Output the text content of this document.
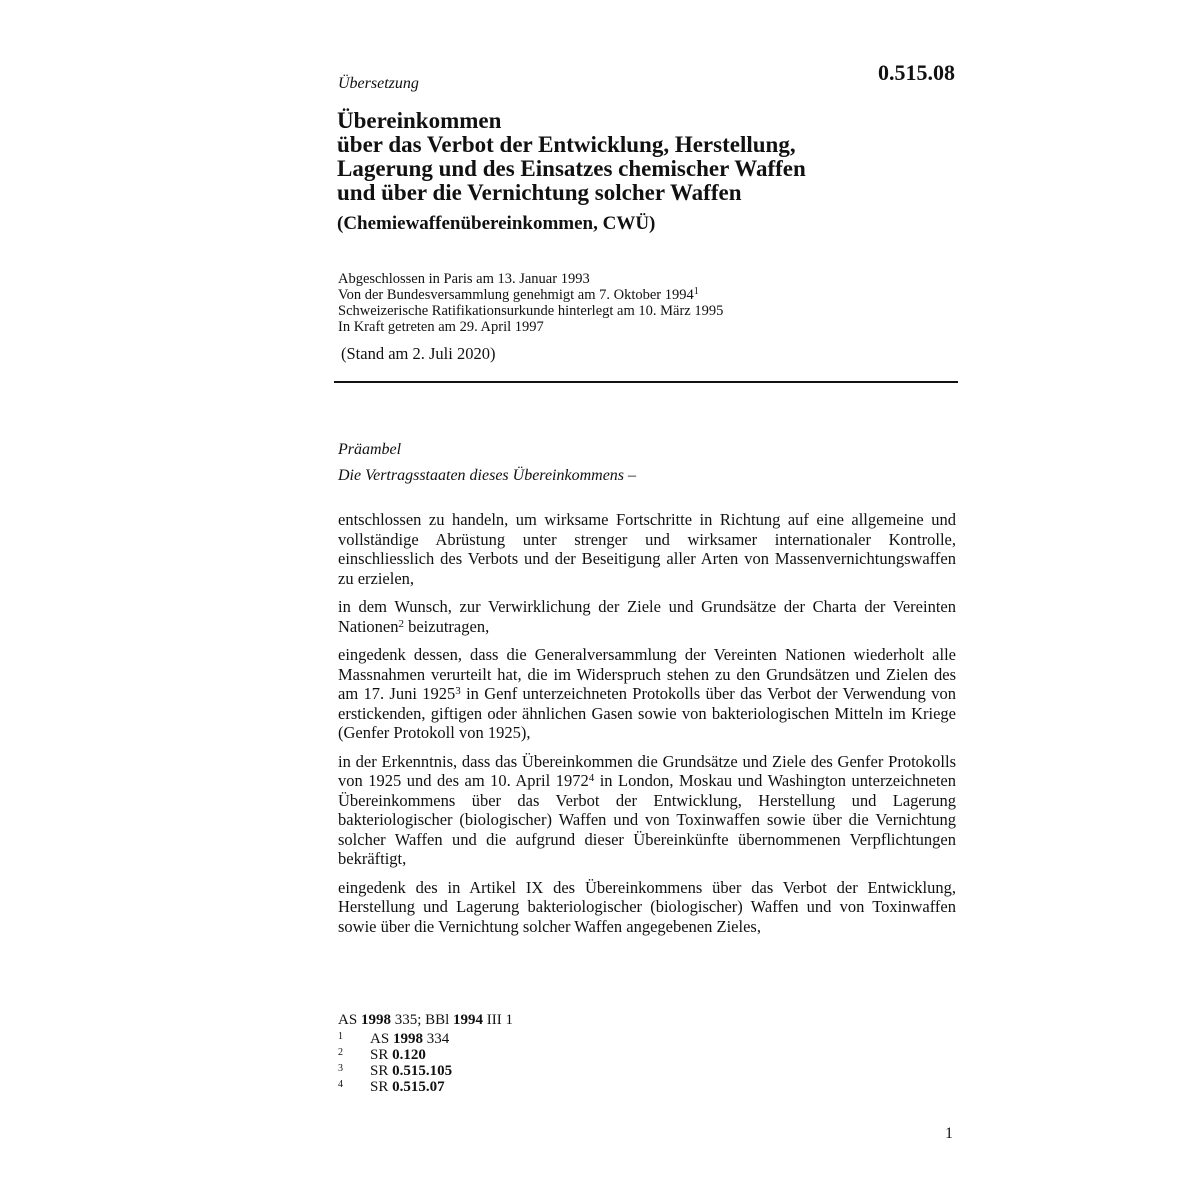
Übersetzung	0.515.08
Übereinkommen
über das Verbot der Entwicklung, Herstellung,
Lagerung und des Einsatzes chemischer Waffen
und über die Vernichtung solcher Waffen
(Chemiewaffenübereinkommen, CWÜ)
Abgeschlossen in Paris am 13. Januar 1993
Von der Bundesversammlung genehmigt am 7. Oktober 1994$^1$
Schweizerische Ratifikationsurkunde hinterlegt am 10. März 1995
In Kraft getreten am 29. April 1997
(Stand am 2. Juli 2020)
Präambel
Die Vertragsstaaten dieses Übereinkommens –

entschlossen zu handeln, um wirksame Fortschritte in Richtung auf eine allgemeine und vollständige Abrüstung unter strenger und wirksamer internationaler Kontrolle, einschliesslich des Verbots und der Beseitigung aller Arten von Massenvernichtungswaffen zu erzielen,

in dem Wunsch, zur Verwirklichung der Ziele und Grundsätze der Charta der Vereinten Nationen$^2$ beizutragen,

eingedenk dessen, dass die Generalversammlung der Vereinten Nationen wiederholt alle Massnahmen verurteilt hat, die im Widerspruch stehen zu den Grundsätzen und Zielen des am 17. Juni 1925$^3$ in Genf unterzeichneten Protokolls über das Verbot der Verwendung von erstickenden, giftigen oder ähnlichen Gasen sowie von bakteriologischen Mitteln im Kriege (Genfer Protokoll von 1925),

in der Erkenntnis, dass das Übereinkommen die Grundsätze und Ziele des Genfer Protokolls von 1925 und des am 10. April 1972$^4$ in London, Moskau und Washington unterzeichneten Übereinkommens über das Verbot der Entwicklung, Herstellung und Lagerung bakteriologischer (biologischer) Waffen und von Toxinwaffen sowie über die Vernichtung solcher Waffen und die aufgrund dieser Übereinkünfte übernommenen Verpflichtungen bekräftigt,

eingedenk des in Artikel IX des Übereinkommens über das Verbot der Entwicklung, Herstellung und Lagerung bakteriologischer (biologischer) Waffen und von Toxinwaffen sowie über die Vernichtung solcher Waffen angegebenen Zieles,

AS 1998 335; BBl 1994 III 1
1	AS 1998 334
2	SR 0.120
3	SR 0.515.105
4	SR 0.515.07
1
